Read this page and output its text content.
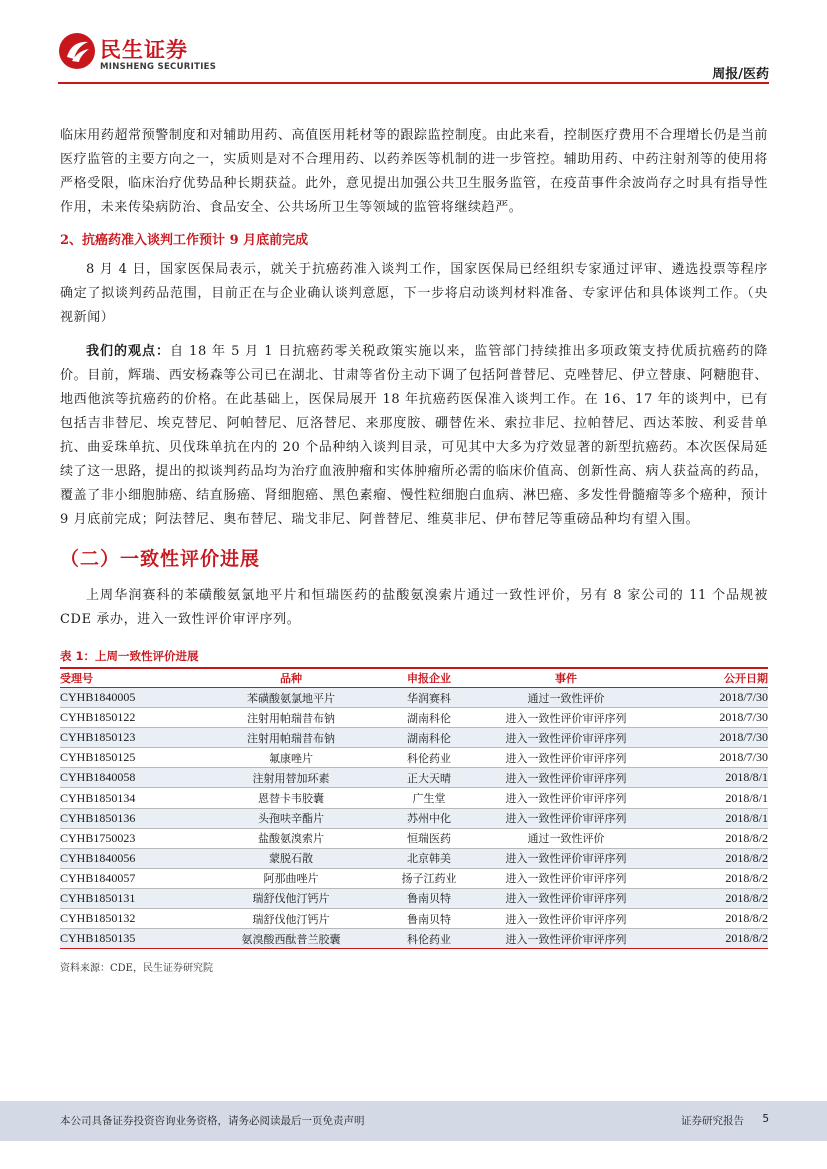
民生证券
MINSHENG SECURITIES	周报/医药

临床用药超常预警制度和对辅助用药、高值医用耗材等的跟踪监控制度。由此来看，控制医疗费用不合理增长仍是当前医疗监管的主要方向之一，实质则是对不合理用药、以药养医等机制的进一步管控。辅助用药、中药注射剂等的使用将严格受限，临床治疗优势品种长期获益。此外，意见提出加强公共卫生服务监管，在疫苗事件余波尚存之时具有指导性作用，未来传染病防治、食品安全、公共场所卫生等领域的监管将继续趋严。

2、抗癌药准入谈判工作预计 9 月底前完成

8 月 4 日，国家医保局表示，就关于抗癌药准入谈判工作，国家医保局已经组织专家通过评审、遴选投票等程序确定了拟谈判药品范围，目前正在与企业确认谈判意愿，下一步将启动谈判材料准备、专家评估和具体谈判工作。（央视新闻）

我们的观点：自 18 年 5 月 1 日抗癌药零关税政策实施以来，监管部门持续推出多项政策支持优质抗癌药的降价。目前，辉瑞、西安杨森等公司已在湖北、甘肃等省份主动下调了包括阿普替尼、克唑替尼、伊立替康、阿糖胞苷、地西他滨等抗癌药的价格。在此基础上，医保局展开 18 年抗癌药医保准入谈判工作。在 16、17 年的谈判中，已有包括吉非替尼、埃克替尼、阿帕替尼、厄洛替尼、来那度胺、硼替佐米、索拉非尼、拉帕替尼、西达苯胺、利妥昔单抗、曲妥珠单抗、贝伐珠单抗在内的 20 个品种纳入谈判目录，可见其中大多为疗效显著的新型抗癌药。本次医保局延续了这一思路，提出的拟谈判药品均为治疗血液肿瘤和实体肿瘤所必需的临床价值高、创新性高、病人获益高的药品，覆盖了非小细胞肺癌、结直肠癌、肾细胞癌、黑色素瘤、慢性粒细胞白血病、淋巴癌、多发性骨髓瘤等多个癌种，预计 9 月底前完成；阿法替尼、奥布替尼、瑞戈非尼、阿普替尼、维莫非尼、伊布替尼等重磅品种均有望入围。

（二）一致性评价进展

上周华润赛科的苯磺酸氨氯地平片和恒瑞医药的盐酸氨溴索片通过一致性评价，另有 8 家公司的 11 个品规被 CDE 承办，进入一致性评价审评序列。

表 1：上周一致性评价进展
受理号	品种	申报企业	事件	公开日期
CYHB1840005	苯磺酸氨氯地平片	华润赛科	通过一致性评价	2018/7/30
CYHB1850122	注射用帕瑞昔布钠	湖南科伦	进入一致性评价审评序列	2018/7/30
CYHB1850123	注射用帕瑞昔布钠	湖南科伦	进入一致性评价审评序列	2018/7/30
CYHB1850125	氟康唑片	科伦药业	进入一致性评价审评序列	2018/7/30
CYHB1840058	注射用替加环素	正大天晴	进入一致性评价审评序列	2018/8/1
CYHB1850134	恩替卡韦胶囊	广生堂	进入一致性评价审评序列	2018/8/1
CYHB1850136	头孢呋辛酯片	苏州中化	进入一致性评价审评序列	2018/8/1
CYHB1750023	盐酸氨溴索片	恒瑞医药	通过一致性评价	2018/8/2
CYHB1840056	蒙脱石散	北京韩美	进入一致性评价审评序列	2018/8/2
CYHB1840057	阿那曲唑片	扬子江药业	进入一致性评价审评序列	2018/8/2
CYHB1850131	瑞舒伐他汀钙片	鲁南贝特	进入一致性评价审评序列	2018/8/2
CYHB1850132	瑞舒伐他汀钙片	鲁南贝特	进入一致性评价审评序列	2018/8/2
CYHB1850135	氨溴酸西酞普兰胶囊	科伦药业	进入一致性评价审评序列	2018/8/2
资料来源：CDE，民生证券研究院
本公司具备证券投资咨询业务资格，请务必阅读最后一页免责声明	证券研究报告 5
